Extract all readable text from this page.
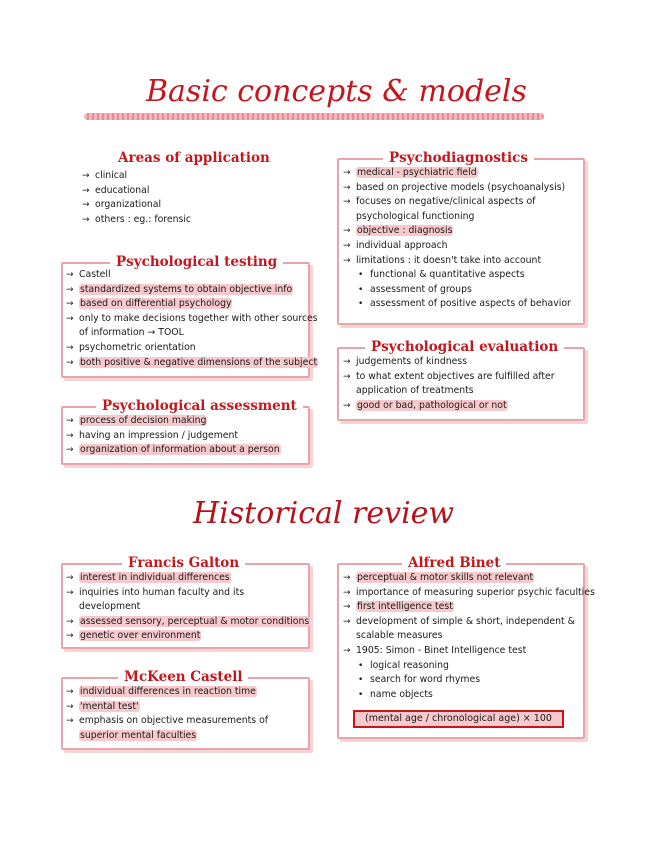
Basic concepts & models
Areas of application
→ clinical
→ educational
→ organizational
→ others : eg.: forensic
Psychodiagnostics
→ medical - psychiatric field
→ based on projective models (psychoanalysis)
→ focuses on negative/clinical aspects of
psychological functioning
→ objective : diagnosis
→ individual approach
→ limitations : it doesn't take into account
• functional & quantitative aspects
• assessment of groups
• assessment of positive aspects of behavior
Psychological testing
→ Castell
→ standardized systems to obtain objective info
→ based on differential psychology
→ only to make decisions together with other sources
of information → TOOL
→ psychometric orientation
→ both positive & negative dimensions of the subject
Psychological evaluation
→ judgements of kindness
→ to what extent objectives are fulfilled after
application of treatments
→ good or bad, pathological or not
Psychological assessment
→ process of decision making
→ having an impression / judgement
→ organization of information about a person
Historical review
Francis Galton
→ interest in individual differences
→ inquiries into human faculty and its
development
→ assessed sensory, perceptual & motor conditions
→ genetic over environment
Alfred Binet
→ perceptual & motor skills not relevant
→ importance of measuring superior psychic faculties
→ first intelligence test
→ development of simple & short, independent &
scalable measures
→ 1905: Simon - Binet Intelligence test
• logical reasoning
• search for word rhymes
• name objects
(mental age / chronological age) × 100
McKeen Castell
→ individual differences in reaction time
→ 'mental test'
→ emphasis on objective measurements of
superior mental faculties
